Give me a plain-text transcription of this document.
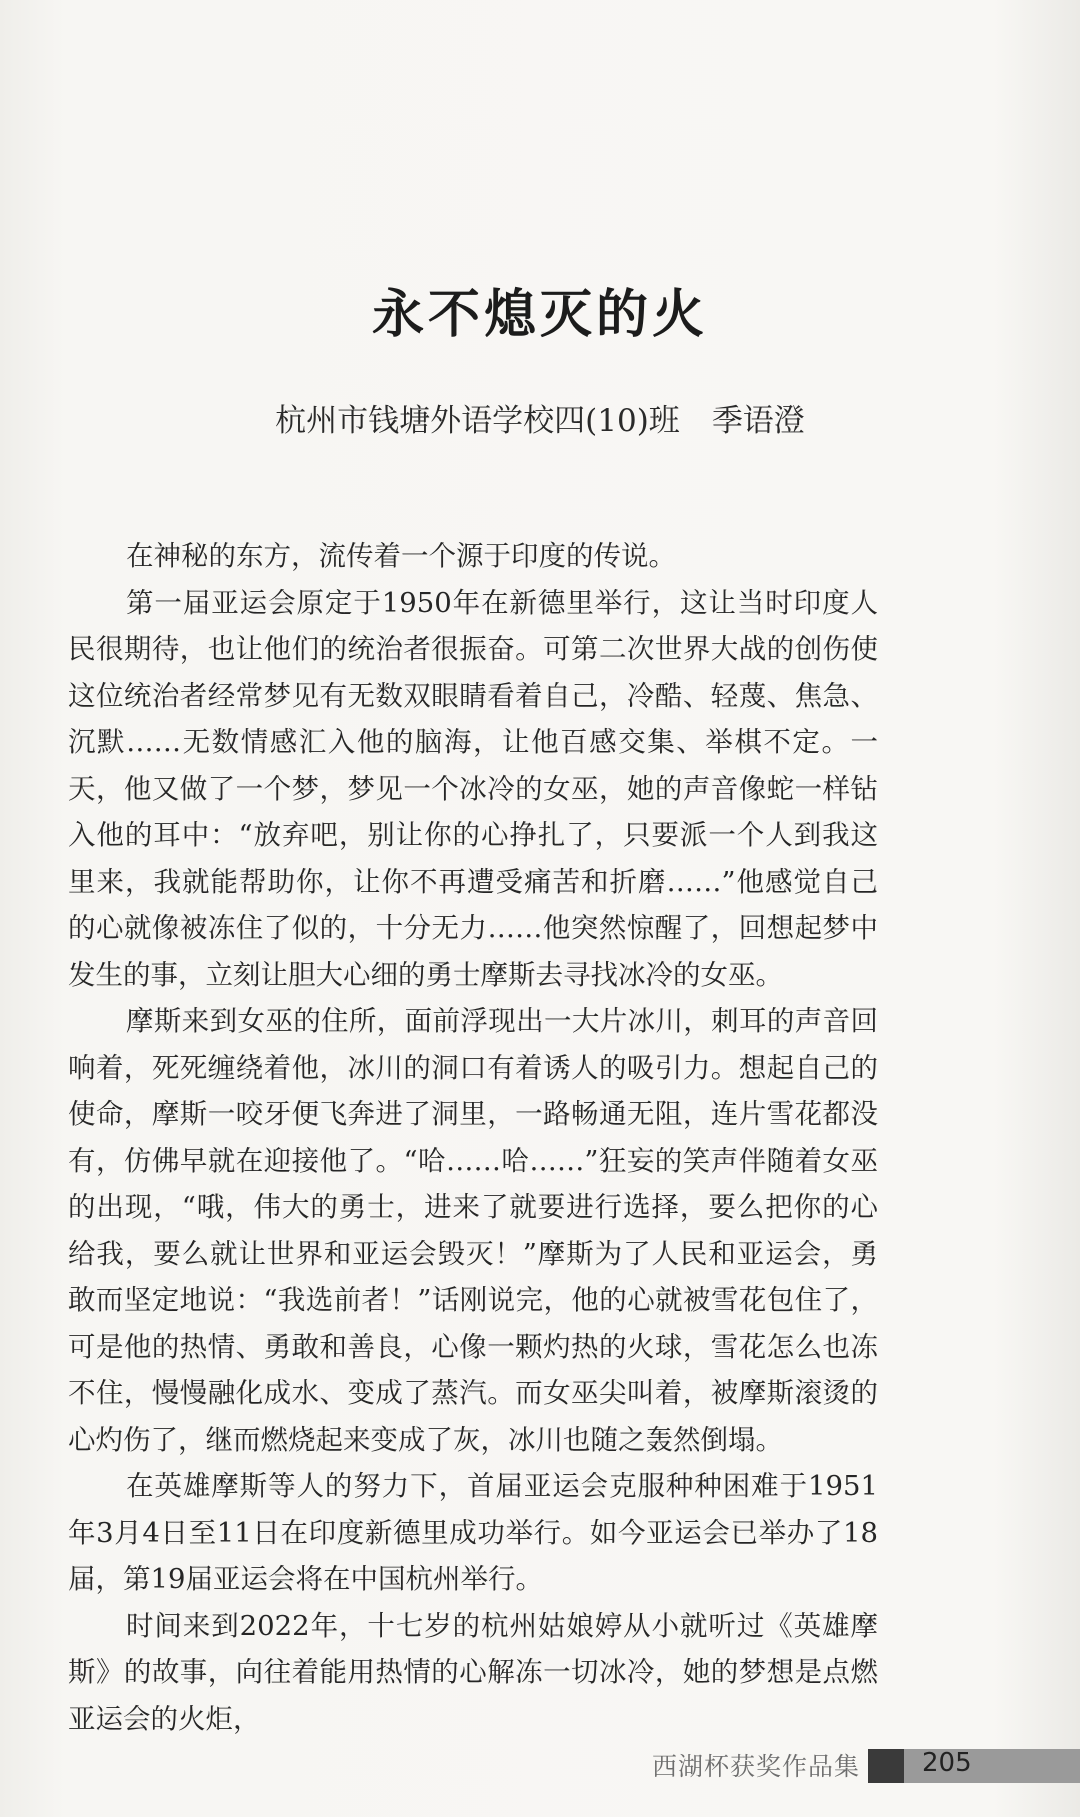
永不熄灭的火
杭州市钱塘外语学校四(10)班 季语澄

在神秘的东方，流传着一个源于印度的传说。

第一届亚运会原定于1950年在新德里举行，这让当时印度人民很期待，也让他们的统治者很振奋。可第二次世界大战的创伤使这位统治者经常梦见有无数双眼睛看着自己，冷酷、轻蔑、焦急、沉默……无数情感汇入他的脑海，让他百感交集、举棋不定。一天，他又做了一个梦，梦见一个冰冷的女巫，她的声音像蛇一样钻入他的耳中：“放弃吧，别让你的心挣扎了，只要派一个人到我这里来，我就能帮助你，让你不再遭受痛苦和折磨……”他感觉自己的心就像被冻住了似的，十分无力……他突然惊醒了，回想起梦中发生的事，立刻让胆大心细的勇士摩斯去寻找冰冷的女巫。

摩斯来到女巫的住所，面前浮现出一大片冰川，刺耳的声音回响着，死死缠绕着他，冰川的洞口有着诱人的吸引力。想起自己的使命，摩斯一咬牙便飞奔进了洞里，一路畅通无阻，连片雪花都没有，仿佛早就在迎接他了。“哈……哈……”狂妄的笑声伴随着女巫的出现，“哦，伟大的勇士，进来了就要进行选择，要么把你的心给我，要么就让世界和亚运会毁灭！”摩斯为了人民和亚运会，勇敢而坚定地说：“我选前者！”话刚说完，他的心就被雪花包住了，可是他的热情、勇敢和善良，心像一颗灼热的火球，雪花怎么也冻不住，慢慢融化成水、变成了蒸汽。而女巫尖叫着，被摩斯滚烫的心灼伤了，继而燃烧起来变成了灰，冰川也随之轰然倒塌。

在英雄摩斯等人的努力下，首届亚运会克服种种困难于1951年3月4日至11日在印度新德里成功举行。如今亚运会已举办了18届，第19届亚运会将在中国杭州举行。

时间来到2022年，十七岁的杭州姑娘婷从小就听过《英雄摩斯》的故事，向往着能用热情的心解冻一切冰冷，她的梦想是点燃亚运会的火炬，

西湖杯获奖作品集 205
